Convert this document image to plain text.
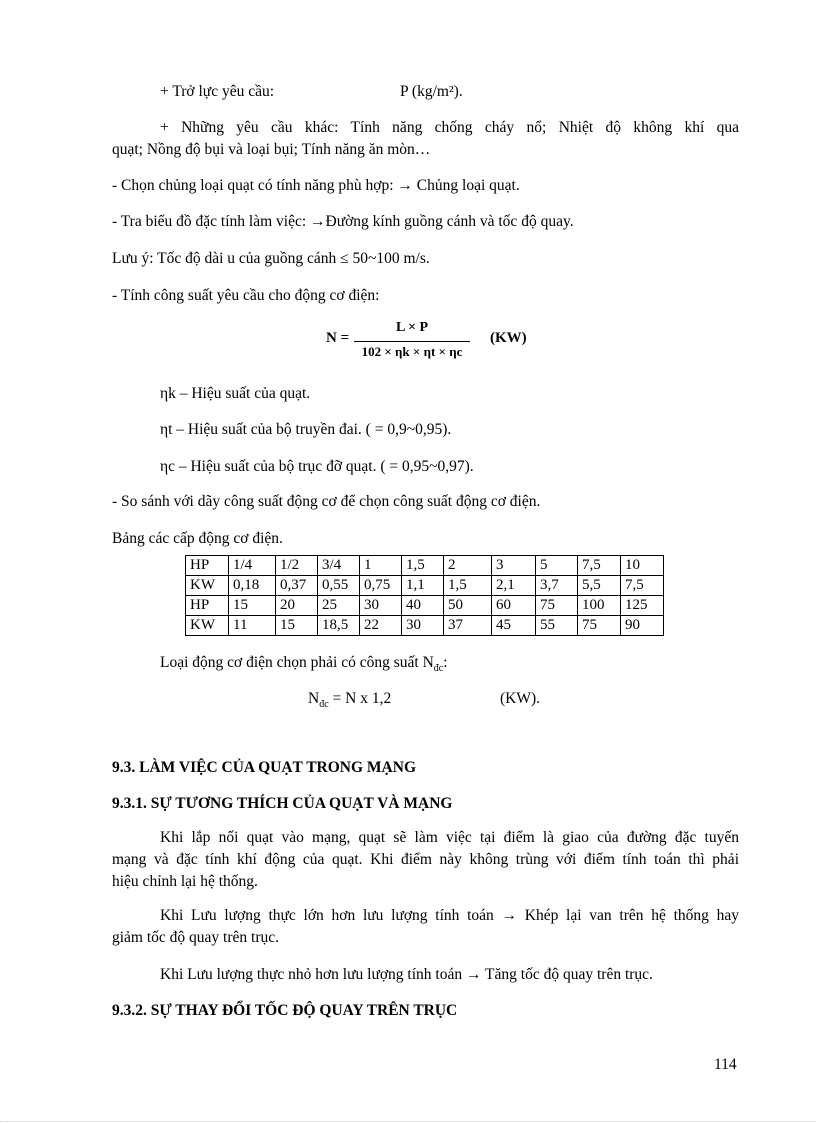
+ Trở lực yêu cầu:	P (kg/m²).
+ Những yêu cầu khác: Tính năng chống cháy nổ; Nhiệt độ không khí qua
quạt; Nồng độ bụi và loại bụi; Tính năng ăn mòn…
- Chọn chủng loại quạt có tính năng phù hợp: → Chủng loại quạt.
- Tra biểu đồ đặc tính làm việc: →Đường kính guồng cánh và tốc độ quay.
Lưu ý: Tốc độ dài u của guồng cánh ≤ 50~100 m/s.
- Tính công suất yêu cầu cho động cơ điện:
N =
L × P
102 × ηk × ηt × ηc
(KW)
ηk – Hiệu suất của quạt.
ηt – Hiệu suất của bộ truyền đai. ( = 0,9~0,95).
ηc – Hiệu suất của bộ trục đỡ quạt. ( = 0,95~0,97).
- So sánh với dãy công suất động cơ để chọn công suất động cơ điện.
Bảng các cấp động cơ điện.
HP	1/4	1/2	3/4	1	1,5	2	3	5	7,5	10
KW	0,18	0,37	0,55	0,75	1,1	1,5	2,1	3,7	5,5	7,5
HP	15	20	25	30	40	50	60	75	100	125
KW	11	15	18,5	22	30	37	45	55	75	90
Loại động cơ điện chọn phải có công suất $N_{đc}$:
$N_{đc} = N$ x 1,2	(KW).
9.3. LÀM VIỆC CỦA QUẠT TRONG MẠNG
9.3.1. SỰ TƯƠNG THÍCH CỦA QUẠT VÀ MẠNG
Khi lắp nối quạt vào mạng, quạt sẽ làm việc tại điểm là giao của đường đặc tuyến
mạng và đặc tính khí động của quạt. Khi điểm này không trùng với điểm tính toán thì phải
hiệu chỉnh lại hệ thống.
Khi Lưu lượng thực lớn hơn lưu lượng tính toán → Khép lại van trên hệ thống hay
giảm tốc độ quay trên trục.
Khi Lưu lượng thực nhỏ hơn lưu lượng tính toán → Tăng tốc độ quay trên trục.
9.3.2. SỰ THAY ĐỔI TỐC ĐỘ QUAY TRÊN TRỤC
114
